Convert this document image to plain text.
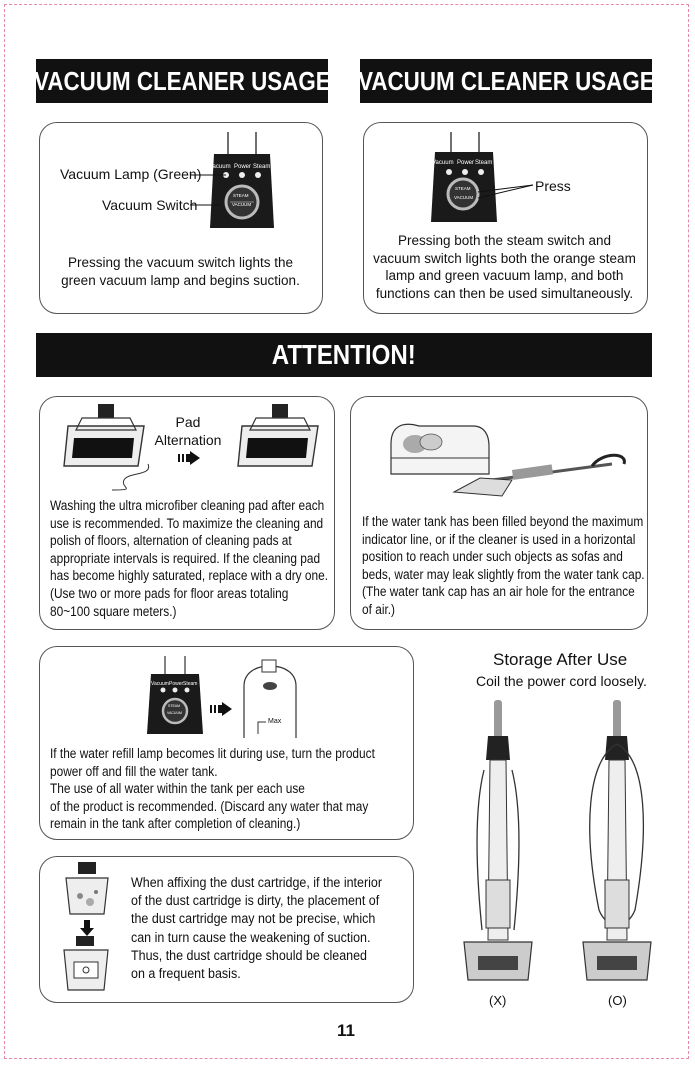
VACUUM CLEANER USAGE VACUUM CLEANER USAGE
ATTENTION!
Vacuum Power Steam
STEAM
VACUUM
Vacuum Lamp (Green)
Vacuum Switch
Pressing the vacuum switch lights the
green vacuum lamp and begins suction.
Vacuum Power Steam
STEAM
VACUUM
Press
Pressing both the steam switch and
vacuum switch lights both the orange steam
lamp and green vacuum lamp, and both
functions can then be used simultaneously.
Pad
Alternation
Washing the ultra microfiber cleaning pad after each
use is recommended. To maximize the cleaning and
polish of floors, alternation of cleaning pads at
appropriate intervals is required. If the cleaning pad
has become highly saturated, replace with a dry one.
(Use two or more pads for floor areas totaling
80~100 square meters.)
If the water tank has been filled beyond the maximum
indicator line, or if the cleaner is used in a horizontal
position to reach under such objects as sofas and
beds, water may leak slightly from the water tank cap.
(The water tank cap has an air hole for the entrance
of air.)
Vacuum Power Steam
STEAM
VACUUM
Max
If the water refill lamp becomes lit during use, turn the product
power off and fill the water tank.
The use of all water within the tank per each use
of the product is recommended. (Discard any water that may
remain in the tank after completion of cleaning.)
When affixing the dust cartridge, if the interior
of the dust cartridge is dirty, the placement of
the dust cartridge may not be precise, which
can in turn cause the weakening of suction.
Thus, the dust cartridge should be cleaned
on a frequent basis.
Storage After Use
Coil the power cord loosely.
(X)	(O)
11
